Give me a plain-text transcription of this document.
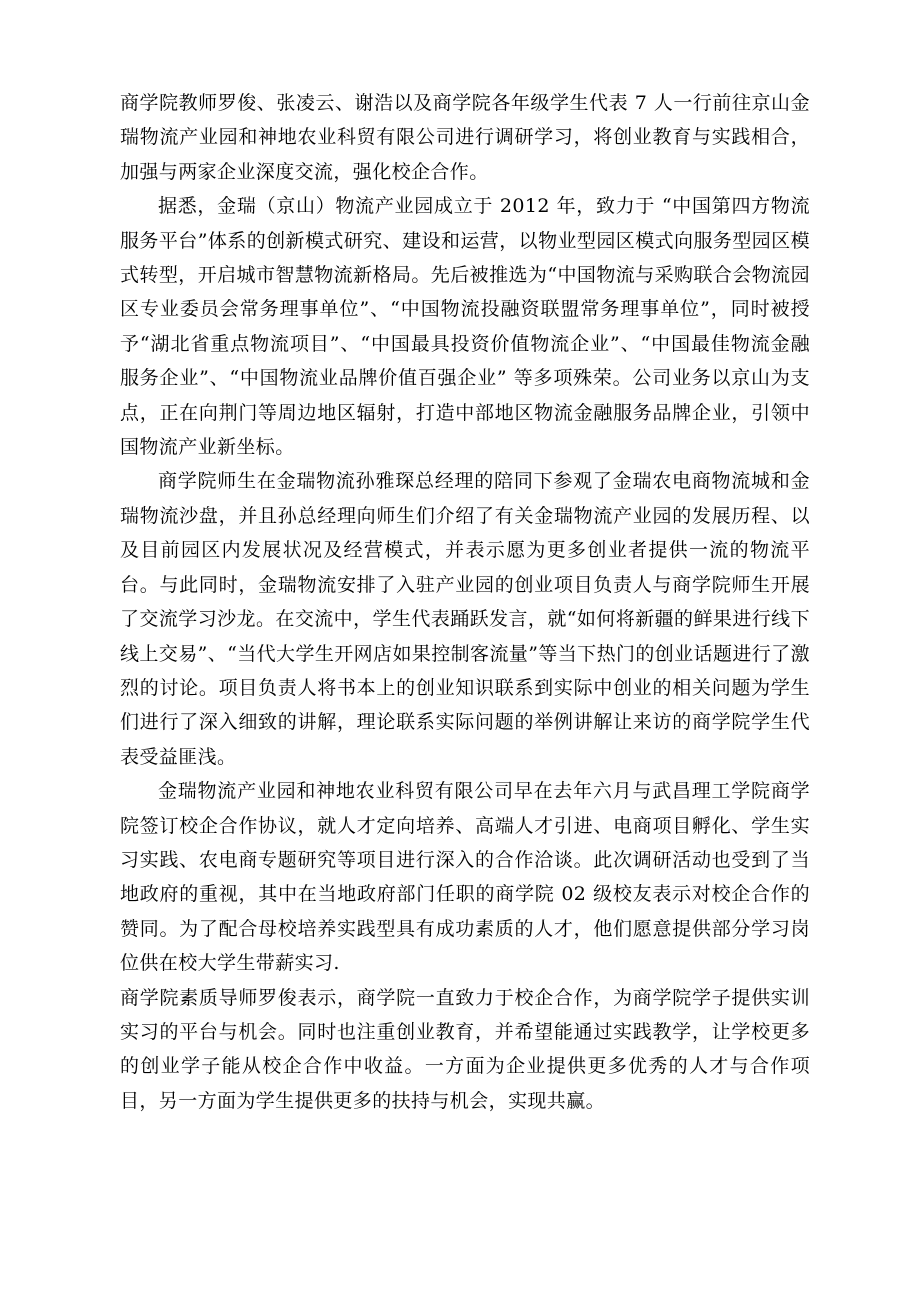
商学院教师罗俊、张凌云、谢浩以及商学院各年级学生代表 7 人一行前往京山金瑞物流产业园和神地农业科贸有限公司进行调研学习，将创业教育与实践相合，加强与两家企业深度交流，强化校企合作。

据悉，金瑞（京山）物流产业园成立于 2012 年，致力于 “中国第四方物流服务平台”体系的创新模式研究、建设和运营，以物业型园区模式向服务型园区模式转型，开启城市智慧物流新格局。先后被推选为“中国物流与采购联合会物流园区专业委员会常务理事单位”、“中国物流投融资联盟常务理事单位”，同时被授予“湖北省重点物流项目”、“中国最具投资价值物流企业”、“中国最佳物流金融服务企业”、“中国物流业品牌价值百强企业” 等多项殊荣。公司业务以京山为支点，正在向荆门等周边地区辐射，打造中部地区物流金融服务品牌企业，引领中国物流产业新坐标。

商学院师生在金瑞物流孙雅琛总经理的陪同下参观了金瑞农电商物流城和金瑞物流沙盘，并且孙总经理向师生们介绍了有关金瑞物流产业园的发展历程、以及目前园区内发展状况及经营模式，并表示愿为更多创业者提供一流的物流平台。与此同时，金瑞物流安排了入驻产业园的创业项目负责人与商学院师生开展了交流学习沙龙。在交流中，学生代表踊跃发言，就“如何将新疆的鲜果进行线下线上交易”、“当代大学生开网店如果控制客流量”等当下热门的创业话题进行了激烈的讨论。项目负责人将书本上的创业知识联系到实际中创业的相关问题为学生们进行了深入细致的讲解，理论联系实际问题的举例讲解让来访的商学院学生代表受益匪浅。

金瑞物流产业园和神地农业科贸有限公司早在去年六月与武昌理工学院商学院签订校企合作协议，就人才定向培养、高端人才引进、电商项目孵化、学生实习实践、农电商专题研究等项目进行深入的合作洽谈。此次调研活动也受到了当地政府的重视，其中在当地政府部门任职的商学院 02 级校友表示对校企合作的赞同。为了配合母校培养实践型具有成功素质的人才，他们愿意提供部分学习岗位供在校大学生带薪实习.

商学院素质导师罗俊表示，商学院一直致力于校企合作，为商学院学子提供实训实习的平台与机会。同时也注重创业教育，并希望能通过实践教学，让学校更多的创业学子能从校企合作中收益。一方面为企业提供更多优秀的人才与合作项目，另一方面为学生提供更多的扶持与机会，实现共赢。
